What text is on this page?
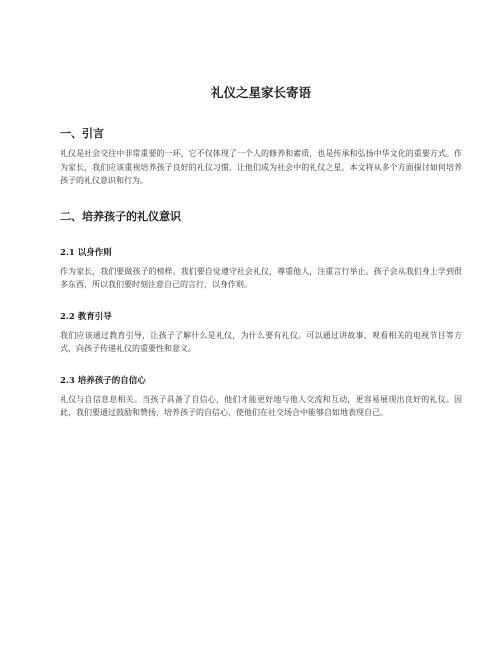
礼仪之星家长寄语
一、引言

礼仪是社会交往中非常重要的一环，它不仅体现了一个人的修养和素质，也是传承和弘扬中华文化的重要方式。作为家长，我们应该重视培养孩子良好的礼仪习惯，让他们成为社会中的礼仪之星。本文将从多个方面探讨如何培养孩子的礼仪意识和行为。

二、培养孩子的礼仪意识
2.1 以身作则

作为家长，我们要做孩子的榜样。我们要自觉遵守社会礼仪，尊重他人，注重言行举止。孩子会从我们身上学到很多东西，所以我们要时刻注意自己的言行，以身作则。

2.2 教育引导

我们应该通过教育引导，让孩子了解什么是礼仪，为什么要有礼仪。可以通过讲故事、观看相关的电视节目等方式，向孩子传递礼仪的重要性和意义。

2.3 培养孩子的自信心

礼仪与自信息息相关。当孩子具备了自信心，他们才能更好地与他人交流和互动，更容易展现出良好的礼仪。因此，我们要通过鼓励和赞扬，培养孩子的自信心，使他们在社交场合中能够自如地表现自己。
